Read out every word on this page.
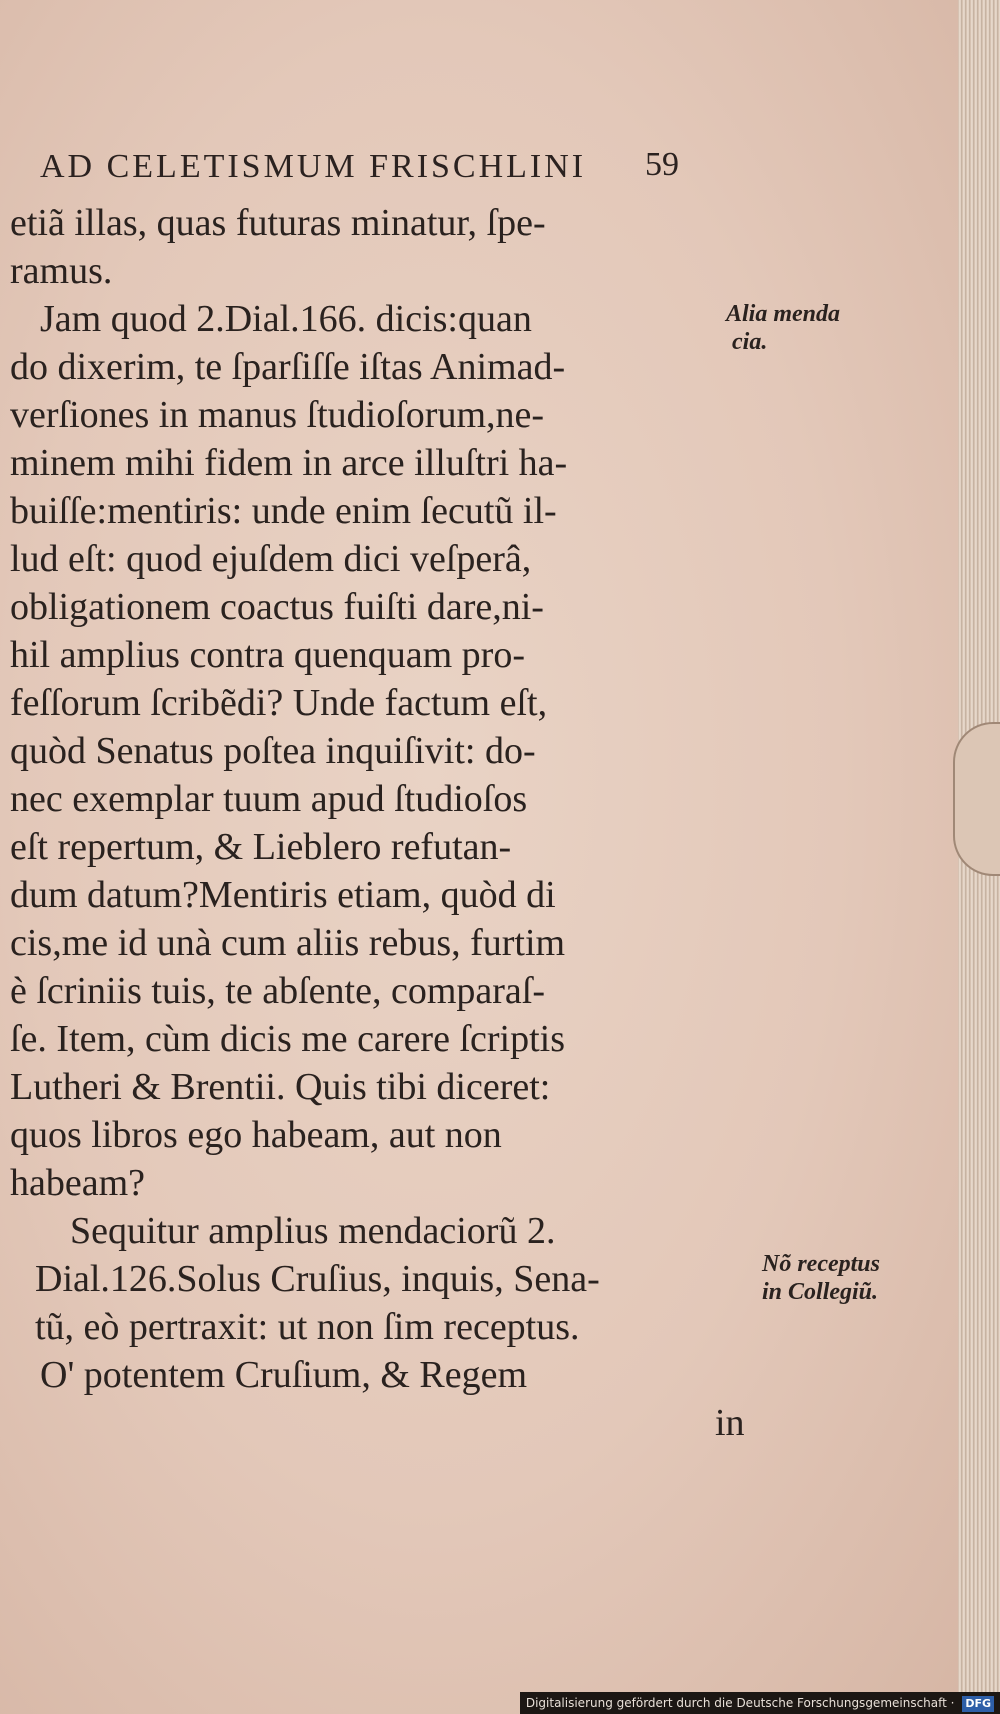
AD CELETISMUM FRISCHLINI	59
etiã illas, quas futuras minatur, ſpe-
ramus.
Jam quod 2.Dial.166. dicis:quan
do dixerim, te ſparſiſſe iſtas Animad-
verſiones in manus ſtudioſorum,ne-
minem mihi fidem in arce illuſtri ha-
buiſſe:mentiris: unde enim ſecutũ il-
lud eſt: quod ejuſdem dici veſperâ,
obligationem coactus fuiſti dare,ni-
hil amplius contra quenquam pro-
feſſorum ſcribẽdi? Unde factum eſt,
quòd Senatus poſtea inquiſivit: do-
nec exemplar tuum apud ſtudioſos
eſt repertum, & Lieblero refutan-
dum datum?Mentiris etiam, quòd di
cis,me id unà cum aliis rebus, furtim
è ſcriniis tuis, te abſente, comparaſ-
ſe. Item, cùm dicis me carere ſcriptis
Lutheri & Brentii. Quis tibi diceret:
quos libros ego habeam, aut non
habeam?
Sequitur amplius mendaciorũ 2.
Dial.126.Solus Cruſius, inquis, Sena-
tũ, eò pertraxit: ut non ſim receptus.
O' potentem Cruſium, & Regem
in
Alia menda
cia.
Nõ receptus
in Collegiũ.
Digitalisierung gefördert durch die Deutsche Forschungsgemeinschaft · DFG
